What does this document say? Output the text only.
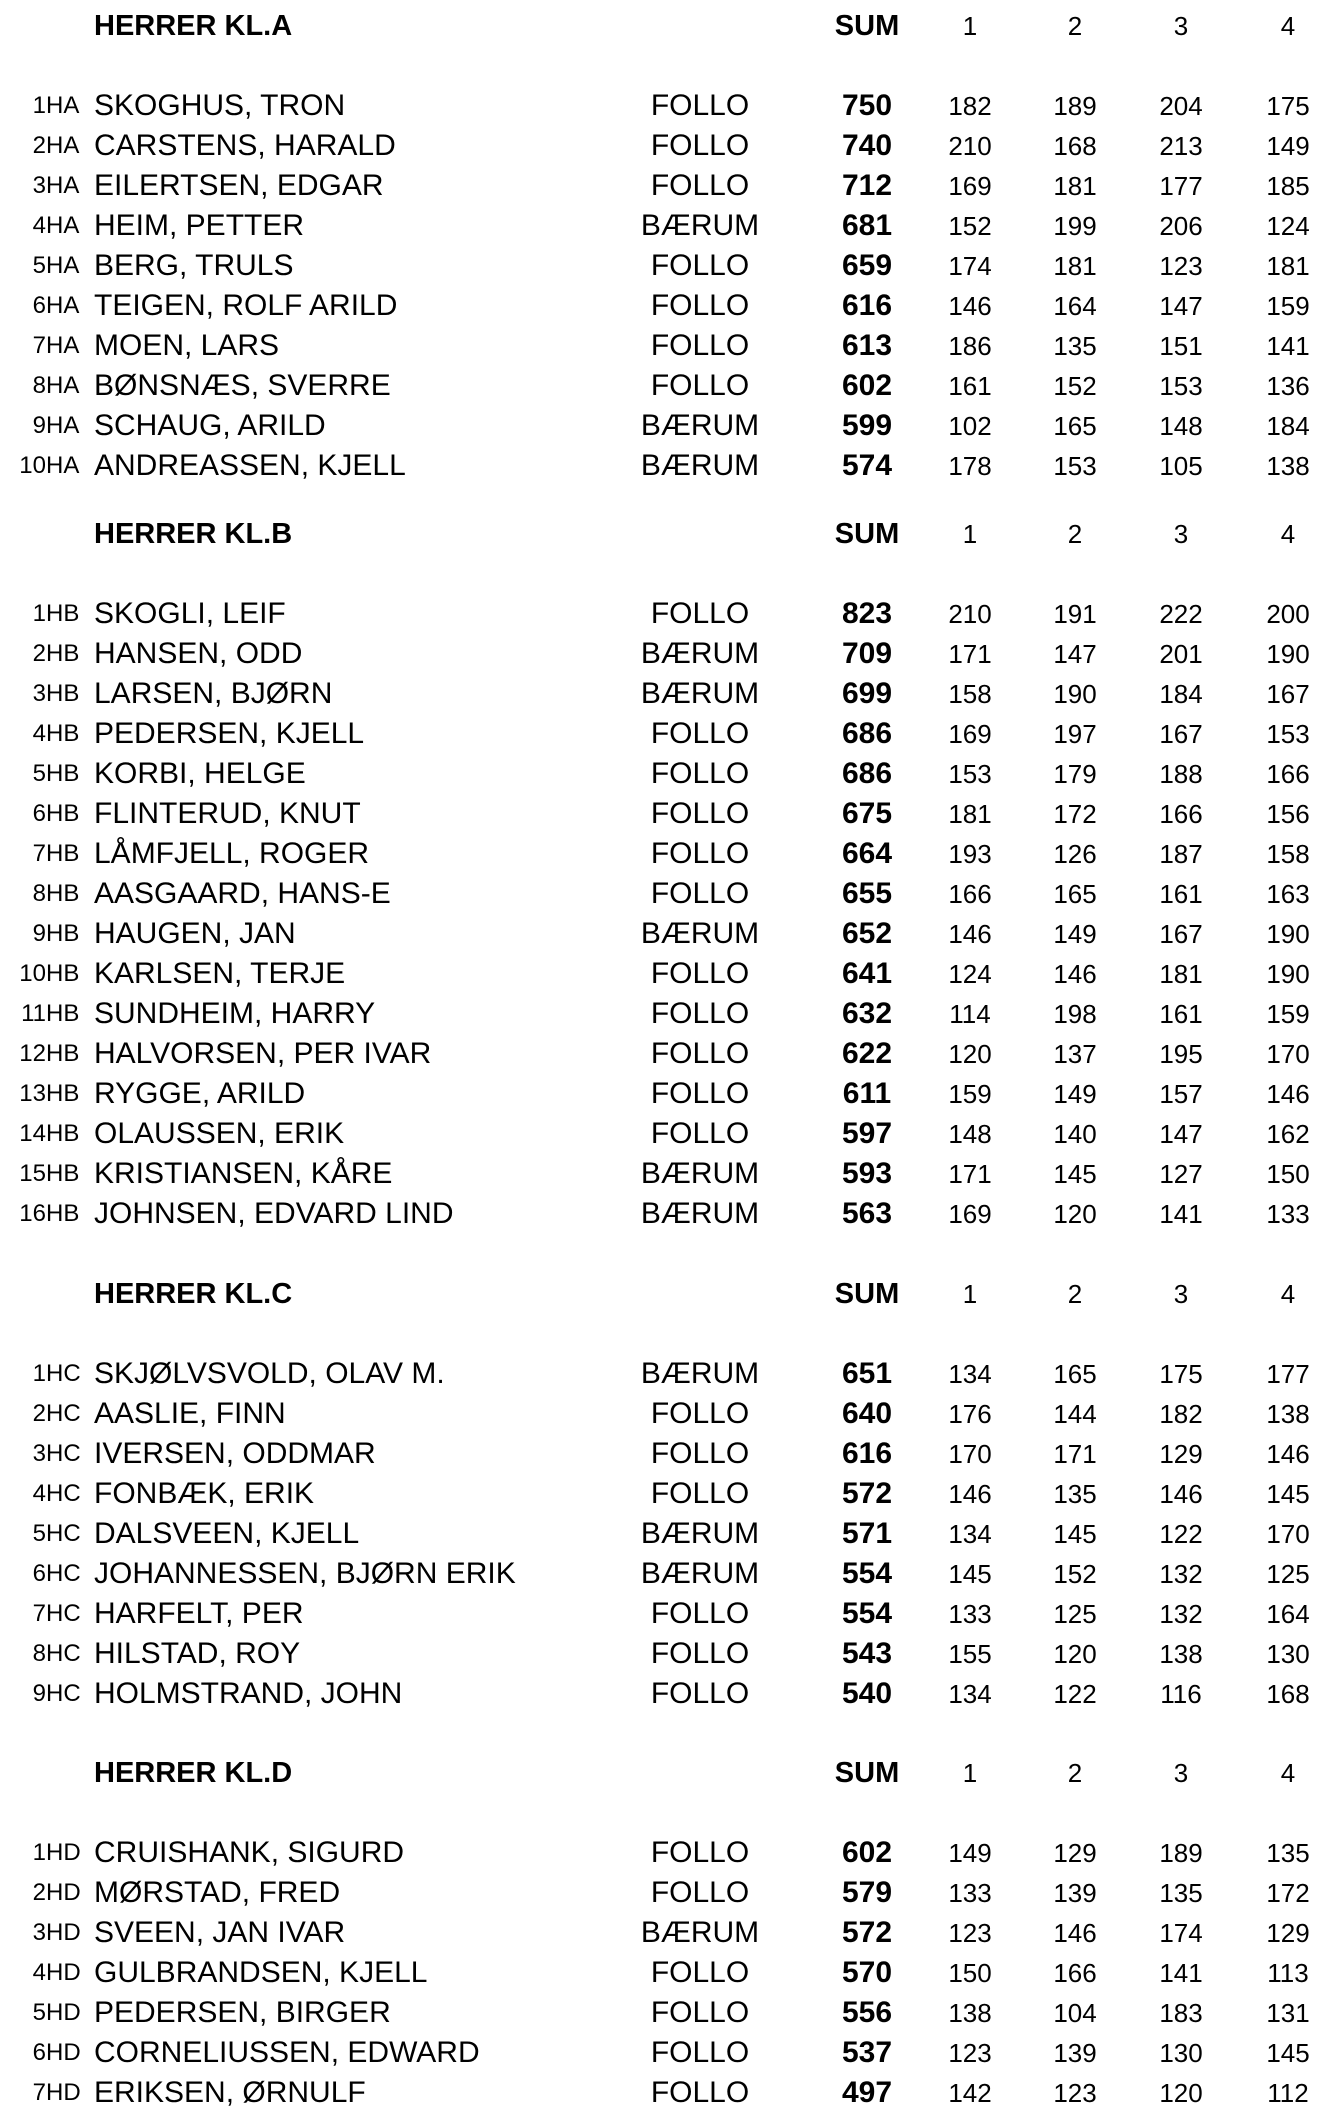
HERRER KL.A	SUM 1	2	3	4
1 HA SKOGHUS, TRON	FOLLO	750 182 189 204 175
2 HA CARSTENS, HARALD	FOLLO	740 210 168 213 149
3 HA EILERTSEN, EDGAR	FOLLO	712 169 181 177 185
4 HA HEIM, PETTER	BÆRUM	681 152 199 206 124
5 HA BERG, TRULS	FOLLO	659 174 181 123 181
6 HA TEIGEN, ROLF ARILD	FOLLO	616 146 164 147 159
7 HA MOEN, LARS	FOLLO	613 186 135 151 141
8 HA BØNSNÆS, SVERRE	FOLLO	602 161 152 153 136
9 HA SCHAUG, ARILD	BÆRUM	599 102 165 148 184
10 HA ANDREASSEN, KJELL	BÆRUM	574 178 153 105 138
HERRER KL.B	SUM 1	2	3	4
1 HB SKOGLI, LEIF	FOLLO	823 210 191 222 200
2 HB HANSEN, ODD	BÆRUM	709 171 147 201 190
3 HB LARSEN, BJØRN	BÆRUM	699 158 190 184 167
4 HB PEDERSEN, KJELL	FOLLO	686 169 197 167 153
5 HB KORBI, HELGE	FOLLO	686 153 179 188 166
6 HB FLINTERUD, KNUT	FOLLO	675 181 172 166 156
7 HB LÅMFJELL, ROGER	FOLLO	664 193 126 187 158
8 HB AASGAARD, HANS-E	FOLLO	655 166 165 161 163
9 HB HAUGEN, JAN	BÆRUM	652 146 149 167 190
10 HB KARLSEN, TERJE	FOLLO	641 124 146 181 190
11 HB SUNDHEIM, HARRY	FOLLO	632 114 198 161 159
12 HB HALVORSEN, PER IVAR	FOLLO	622 120 137 195 170
13 HB RYGGE, ARILD	FOLLO	611 159 149 157 146
14 HB OLAUSSEN, ERIK	FOLLO	597 148 140 147 162
15 HB KRISTIANSEN, KÅRE	BÆRUM	593 171 145 127 150
16 HB JOHNSEN, EDVARD LIND	BÆRUM	563 169 120 141 133
HERRER KL.C	SUM 1	2	3	4
1 HC SKJØLVSVOLD, OLAV M.	BÆRUM	651 134 165 175 177
2 HC AASLIE, FINN	FOLLO	640 176 144 182 138
3 HC IVERSEN, ODDMAR	FOLLO	616 170 171 129 146
4 HC FONBÆK, ERIK	FOLLO	572 146 135 146 145
5 HC DALSVEEN, KJELL	BÆRUM	571 134 145 122 170
6 HC JOHANNESSEN, BJØRN ERIK	BÆRUM	554 145 152 132 125
7 HC HARFELT, PER	FOLLO	554 133 125 132 164
8 HC HILSTAD, ROY	FOLLO	543 155 120 138 130
9 HC HOLMSTRAND, JOHN	FOLLO	540 134 122 116 168
HERRER KL.D	SUM 1	2	3	4
1 HD CRUISHANK, SIGURD	FOLLO	602 149 129 189 135
2 HD MØRSTAD, FRED	FOLLO	579 133 139 135 172
3 HD SVEEN, JAN IVAR	BÆRUM	572 123 146 174 129
4 HD GULBRANDSEN, KJELL	FOLLO	570 150 166 141 113
5 HD PEDERSEN, BIRGER	FOLLO	556 138 104 183 131
6 HD CORNELIUSSEN, EDWARD	FOLLO	537 123 139 130 145
7 HD ERIKSEN, ØRNULF	FOLLO	497 142 123 120 112
